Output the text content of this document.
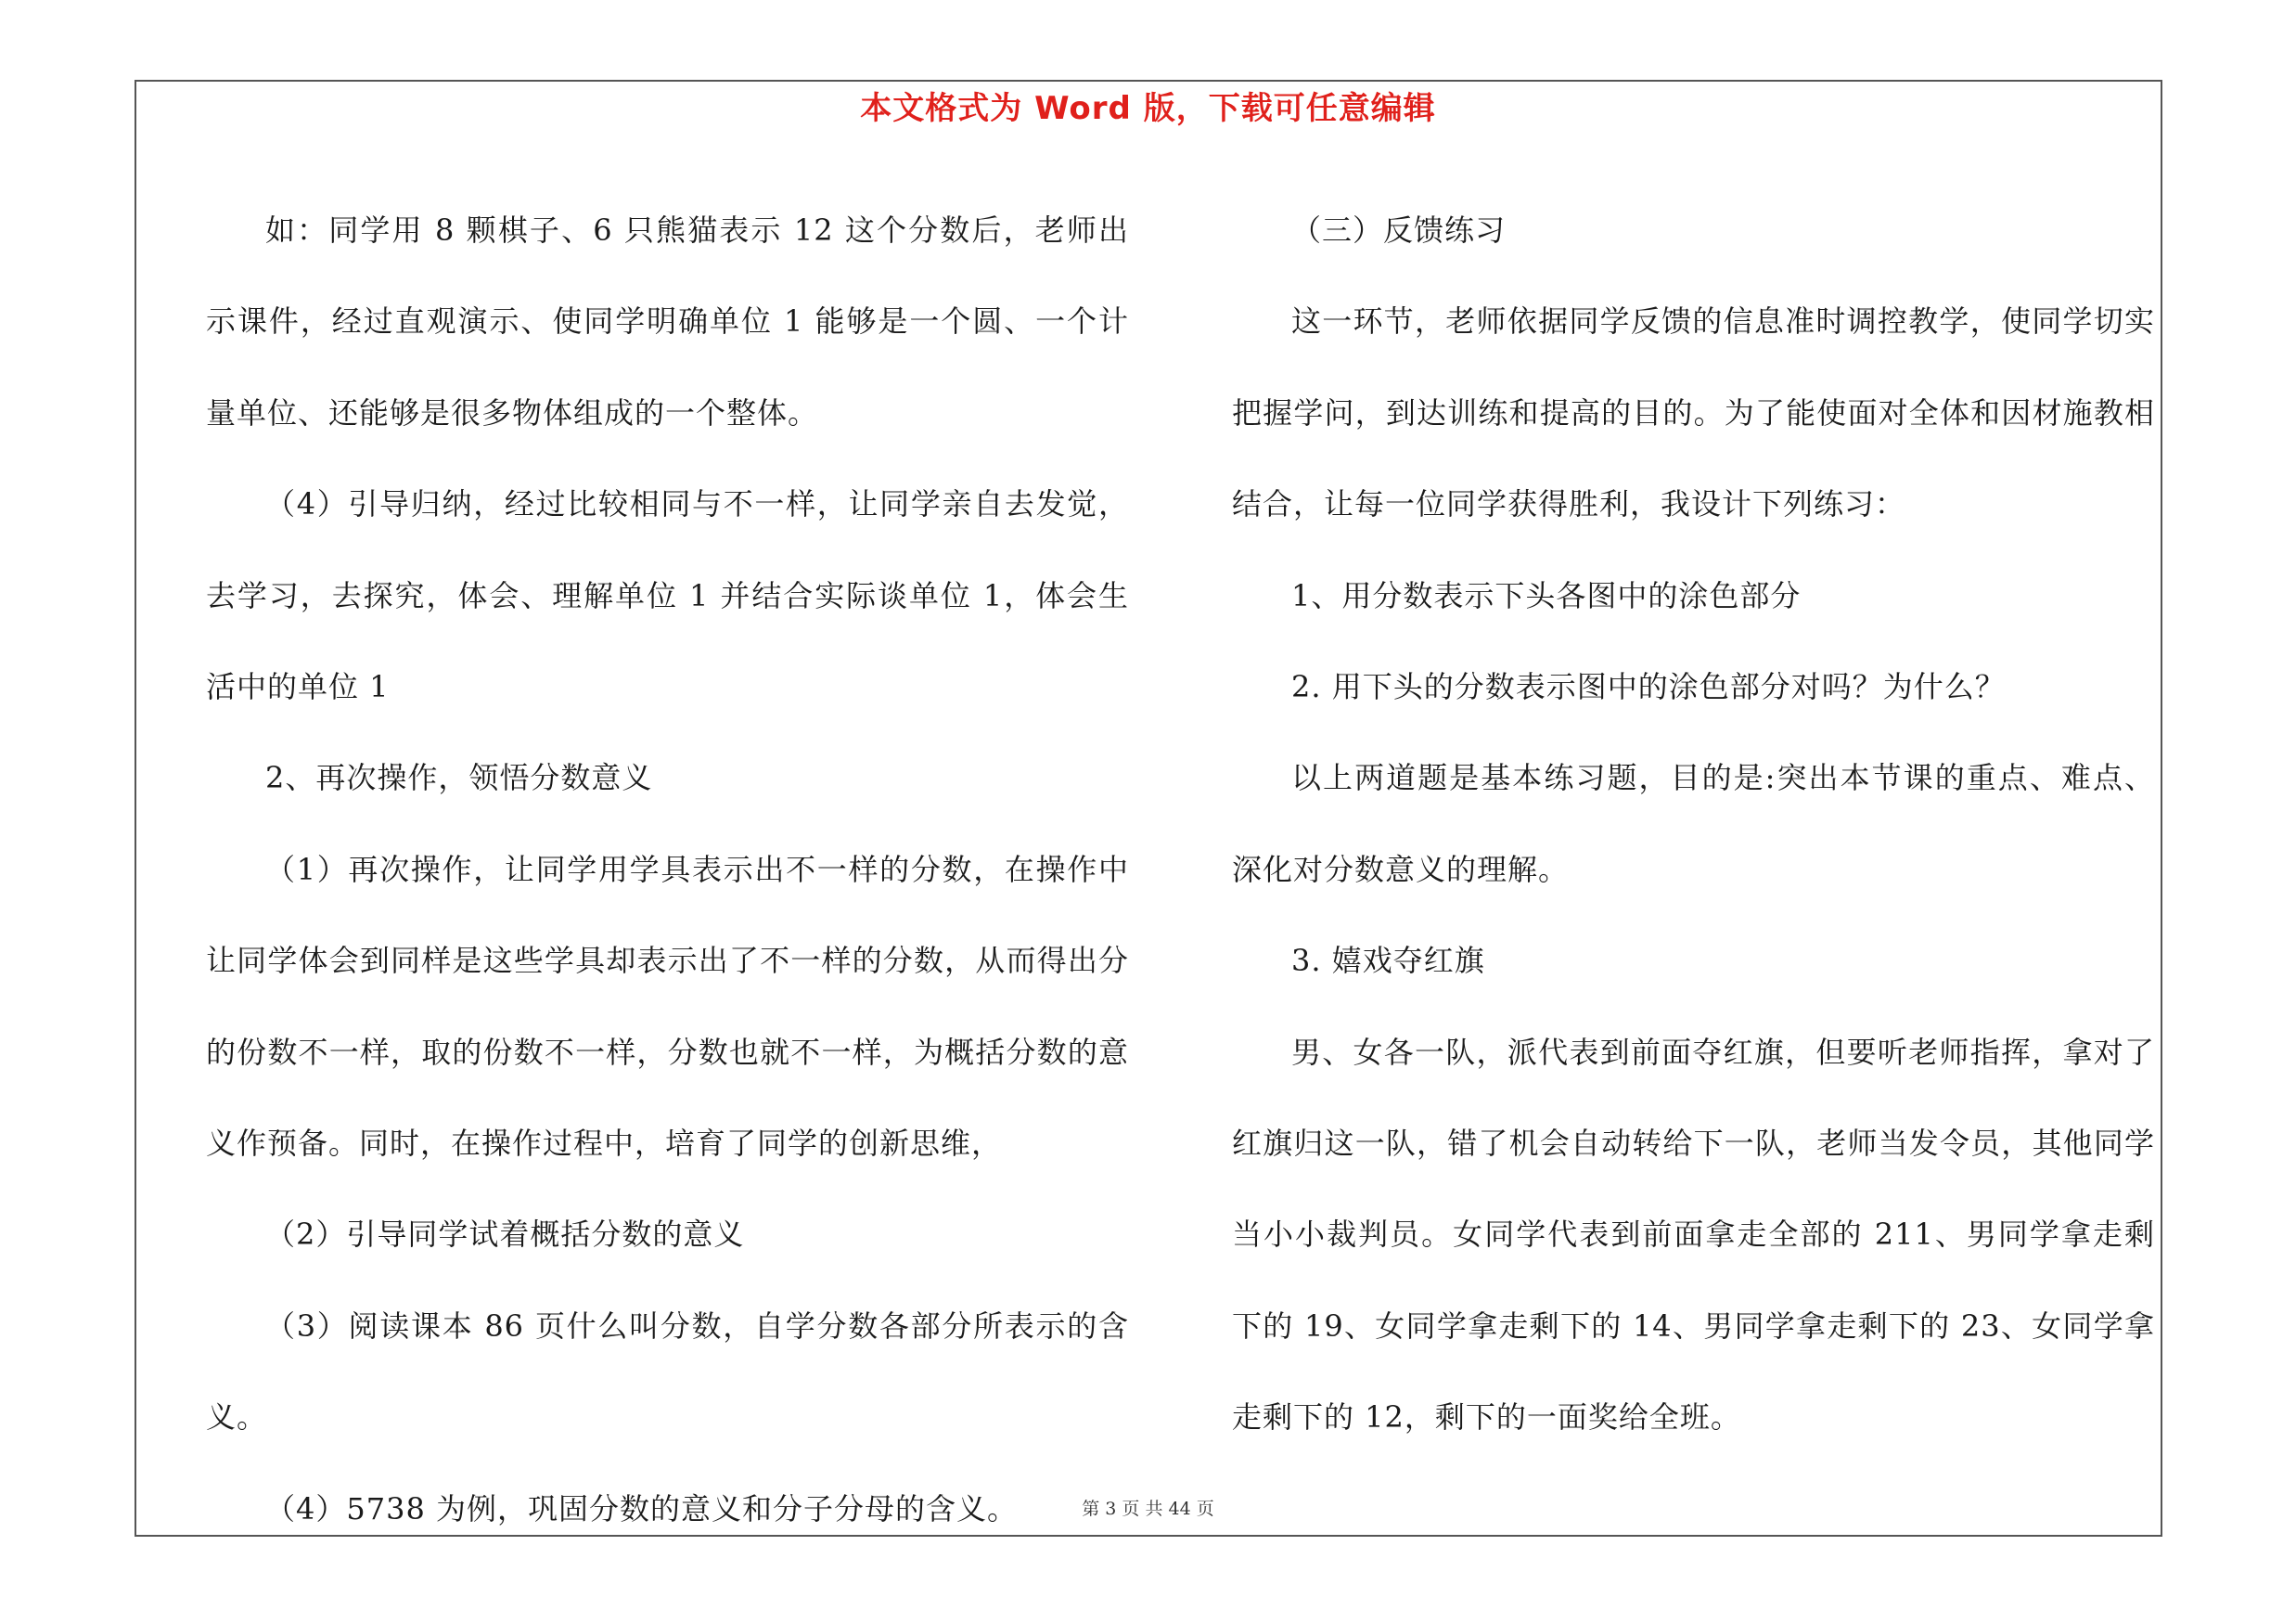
本文格式为 Word 版，下载可任意编辑

如：同学用 8 颗棋子、6 只熊猫表示 12 这个分数后，老师出示课件，经过直观演示、使同学明确单位 1 能够是一个圆、一个计量单位、还能够是很多物体组成的一个整体。

（4）引导归纳，经过比较相同与不一样，让同学亲自去发觉，去学习，去探究，体会、理解单位 1 并结合实际谈单位 1，体会生活中的单位 1

2、再次操作，领悟分数意义

（1）再次操作，让同学用学具表示出不一样的分数，在操作中让同学体会到同样是这些学具却表示出了不一样的分数，从而得出分的份数不一样，取的份数不一样，分数也就不一样，为概括分数的意义作预备。同时，在操作过程中，培育了同学的创新思维，

（2）引导同学试着概括分数的意义

（3）阅读课本 86 页什么叫分数，自学分数各部分所表示的含义。

（4）5738 为例，巩固分数的意义和分子分母的含义。

（三）反馈练习

这一环节，老师依据同学反馈的信息准时调控教学，使同学切实把握学问，到达训练和提高的目的。为了能使面对全体和因材施教相结合，让每一位同学获得胜利，我设计下列练习：

1、用分数表示下头各图中的涂色部分

2. 用下头的分数表示图中的涂色部分对吗？为什么？

以上两道题是基本练习题，目的是:突出本节课的重点、难点、深化对分数意义的理解。

3. 嬉戏夺红旗

男、女各一队，派代表到前面夺红旗，但要听老师指挥，拿对了红旗归这一队，错了机会自动转给下一队，老师当发令员，其他同学当小小裁判员。女同学代表到前面拿走全部的 211、男同学拿走剩下的 19、女同学拿走剩下的 14、男同学拿走剩下的 23、女同学拿走剩下的 12，剩下的一面奖给全班。

第 3 页 共 44 页
